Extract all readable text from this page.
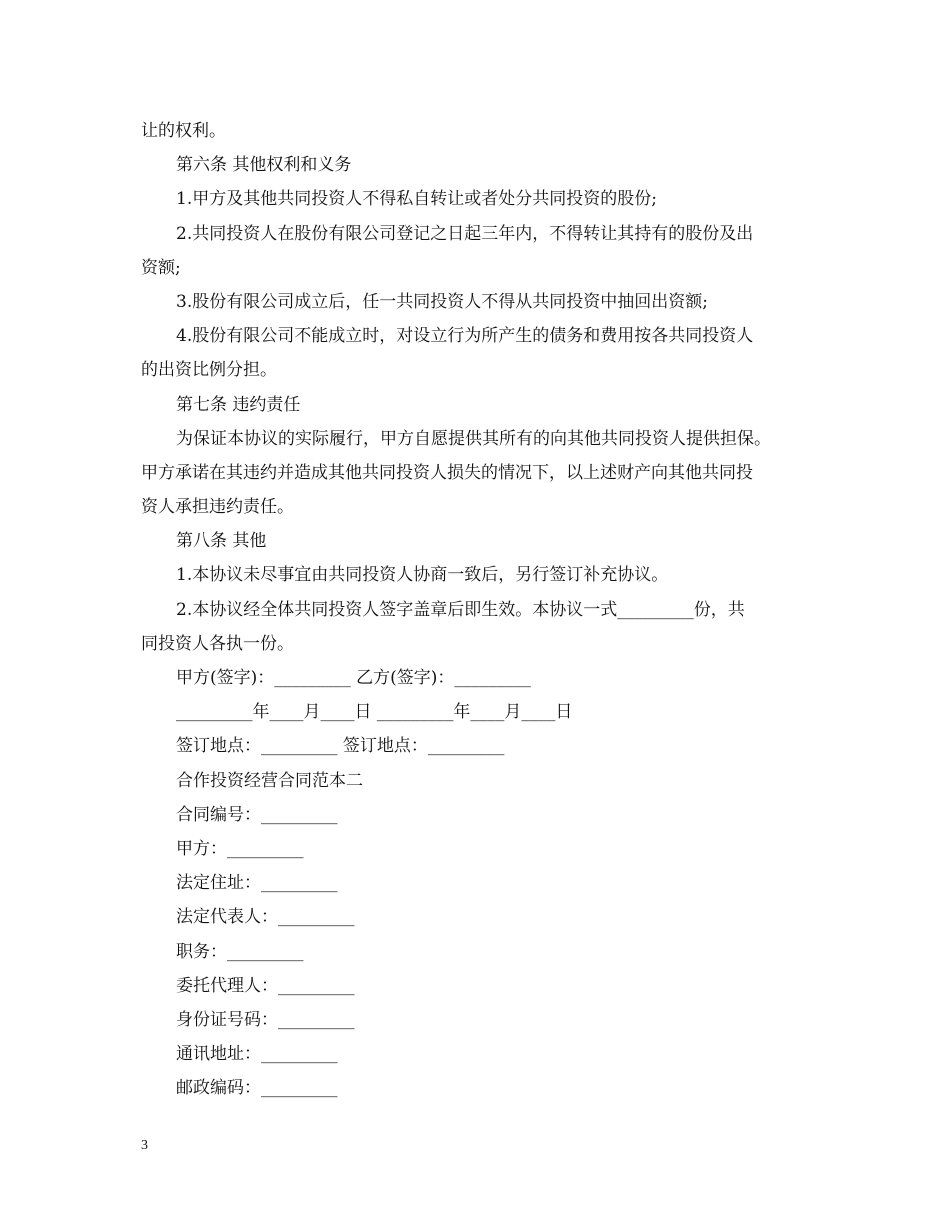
让的权利。
第六条 其他权利和义务
1.甲方及其他共同投资人不得私自转让或者处分共同投资的股份;
2.共同投资人在股份有限公司登记之日起三年内，不得转让其持有的股份及出
资额;
3.股份有限公司成立后，任一共同投资人不得从共同投资中抽回出资额;
4.股份有限公司不能成立时，对设立行为所产生的债务和费用按各共同投资人
的出资比例分担。
第七条 违约责任
为保证本协议的实际履行，甲方自愿提供其所有的向其他共同投资人提供担保。
甲方承诺在其违约并造成其他共同投资人损失的情况下，以上述财产向其他共同投
资人承担违约责任。
第八条 其他
1.本协议未尽事宜由共同投资人协商一致后，另行签订补充协议。
2.本协议经全体共同投资人签字盖章后即生效。本协议一式_________份，共
同投资人各执一份。
甲方(签字)：_________ 乙方(签字)：_________
_________年____月____日 _________年____月____日
签订地点：_________ 签订地点：_________
合作投资经营合同范本二
合同编号：_________
甲方：_________
法定住址：_________
法定代表人：_________
职务：_________
委托代理人：_________
身份证号码：_________
通讯地址：_________
邮政编码：_________
3
